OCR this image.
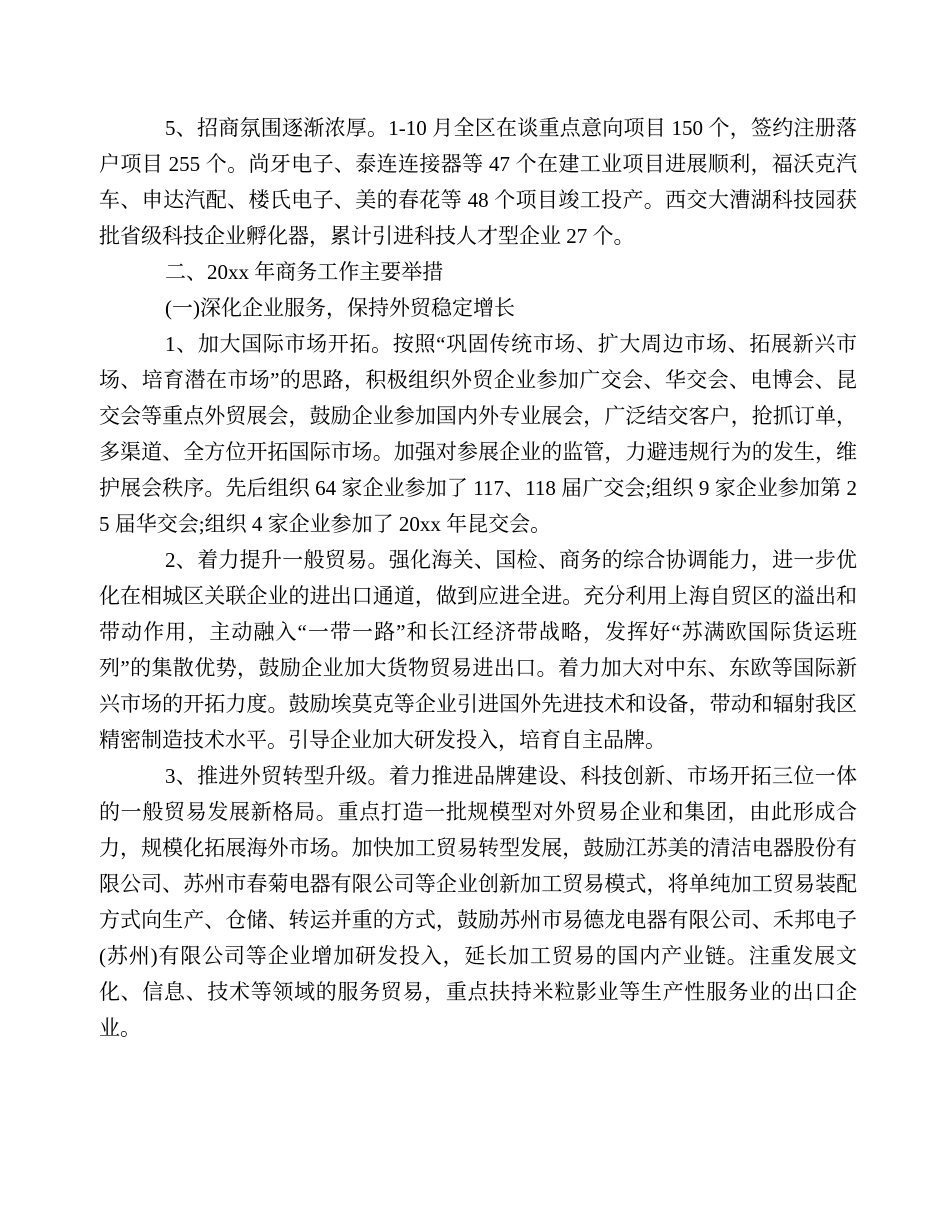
5、招商氛围逐渐浓厚。1-10 月全区在谈重点意向项目 150 个，签约注册落户项目 255 个。尚牙电子、泰连连接器等 47 个在建工业项目进展顺利，福沃克汽车、申达汽配、楼氏电子、美的春花等 48 个项目竣工投产。西交大漕湖科技园获批省级科技企业孵化器，累计引进科技人才型企业 27 个。

二、20xx 年商务工作主要举措

(一)深化企业服务，保持外贸稳定增长

1、加大国际市场开拓。按照“巩固传统市场、扩大周边市场、拓展新兴市场、培育潜在市场”的思路，积极组织外贸企业参加广交会、华交会、电博会、昆交会等重点外贸展会，鼓励企业参加国内外专业展会，广泛结交客户，抢抓订单，多渠道、全方位开拓国际市场。加强对参展企业的监管，力避违规行为的发生，维护展会秩序。先后组织 64 家企业参加了 117、118 届广交会;组织 9 家企业参加第 25 届华交会;组织 4 家企业参加了 20xx 年昆交会。

2、着力提升一般贸易。强化海关、国检、商务的综合协调能力，进一步优化在相城区关联企业的进出口通道，做到应进全进。充分利用上海自贸区的溢出和带动作用，主动融入“一带一路”和长江经济带战略，发挥好“苏满欧国际货运班列”的集散优势，鼓励企业加大货物贸易进出口。着力加大对中东、东欧等国际新兴市场的开拓力度。鼓励埃莫克等企业引进国外先进技术和设备，带动和辐射我区精密制造技术水平。引导企业加大研发投入，培育自主品牌。

3、推进外贸转型升级。着力推进品牌建设、科技创新、市场开拓三位一体的一般贸易发展新格局。重点打造一批规模型对外贸易企业和集团，由此形成合力，规模化拓展海外市场。加快加工贸易转型发展，鼓励江苏美的清洁电器股份有限公司、苏州市春菊电器有限公司等企业创新加工贸易模式，将单纯加工贸易装配方式向生产、仓储、转运并重的方式，鼓励苏州市易德龙电器有限公司、禾邦电子(苏州)有限公司等企业增加研发投入，延长加工贸易的国内产业链。注重发展文化、信息、技术等领域的服务贸易，重点扶持米粒影业等生产性服务业的出口企业。
